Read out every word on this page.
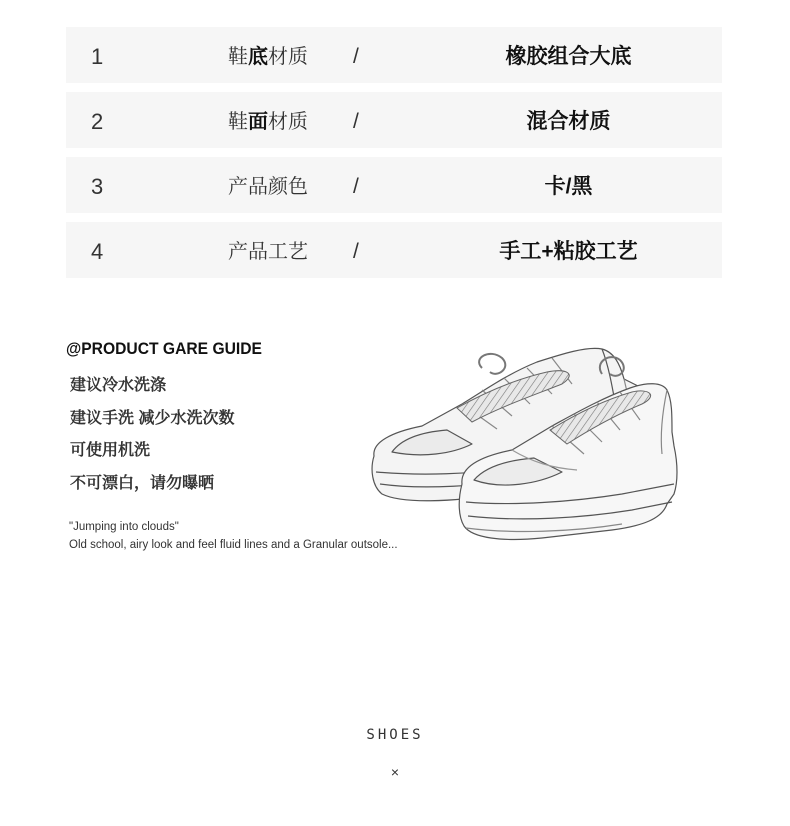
1	鞋底材质 /	橡胶组合大底
2	鞋面材质 /	混合材质
3	产品颜色 /	卡/黑
4	产品工艺 /	手工+粘胶工艺
@PRODUCT GARE GUIDE
建议冷水洗涤
建议手洗 减少水洗次数
可使用机洗
不可漂白，请勿曝晒
"Jumping into clouds"
Old school, airy look and feel fluid lines and a Granular outsole...
SHOES
×
